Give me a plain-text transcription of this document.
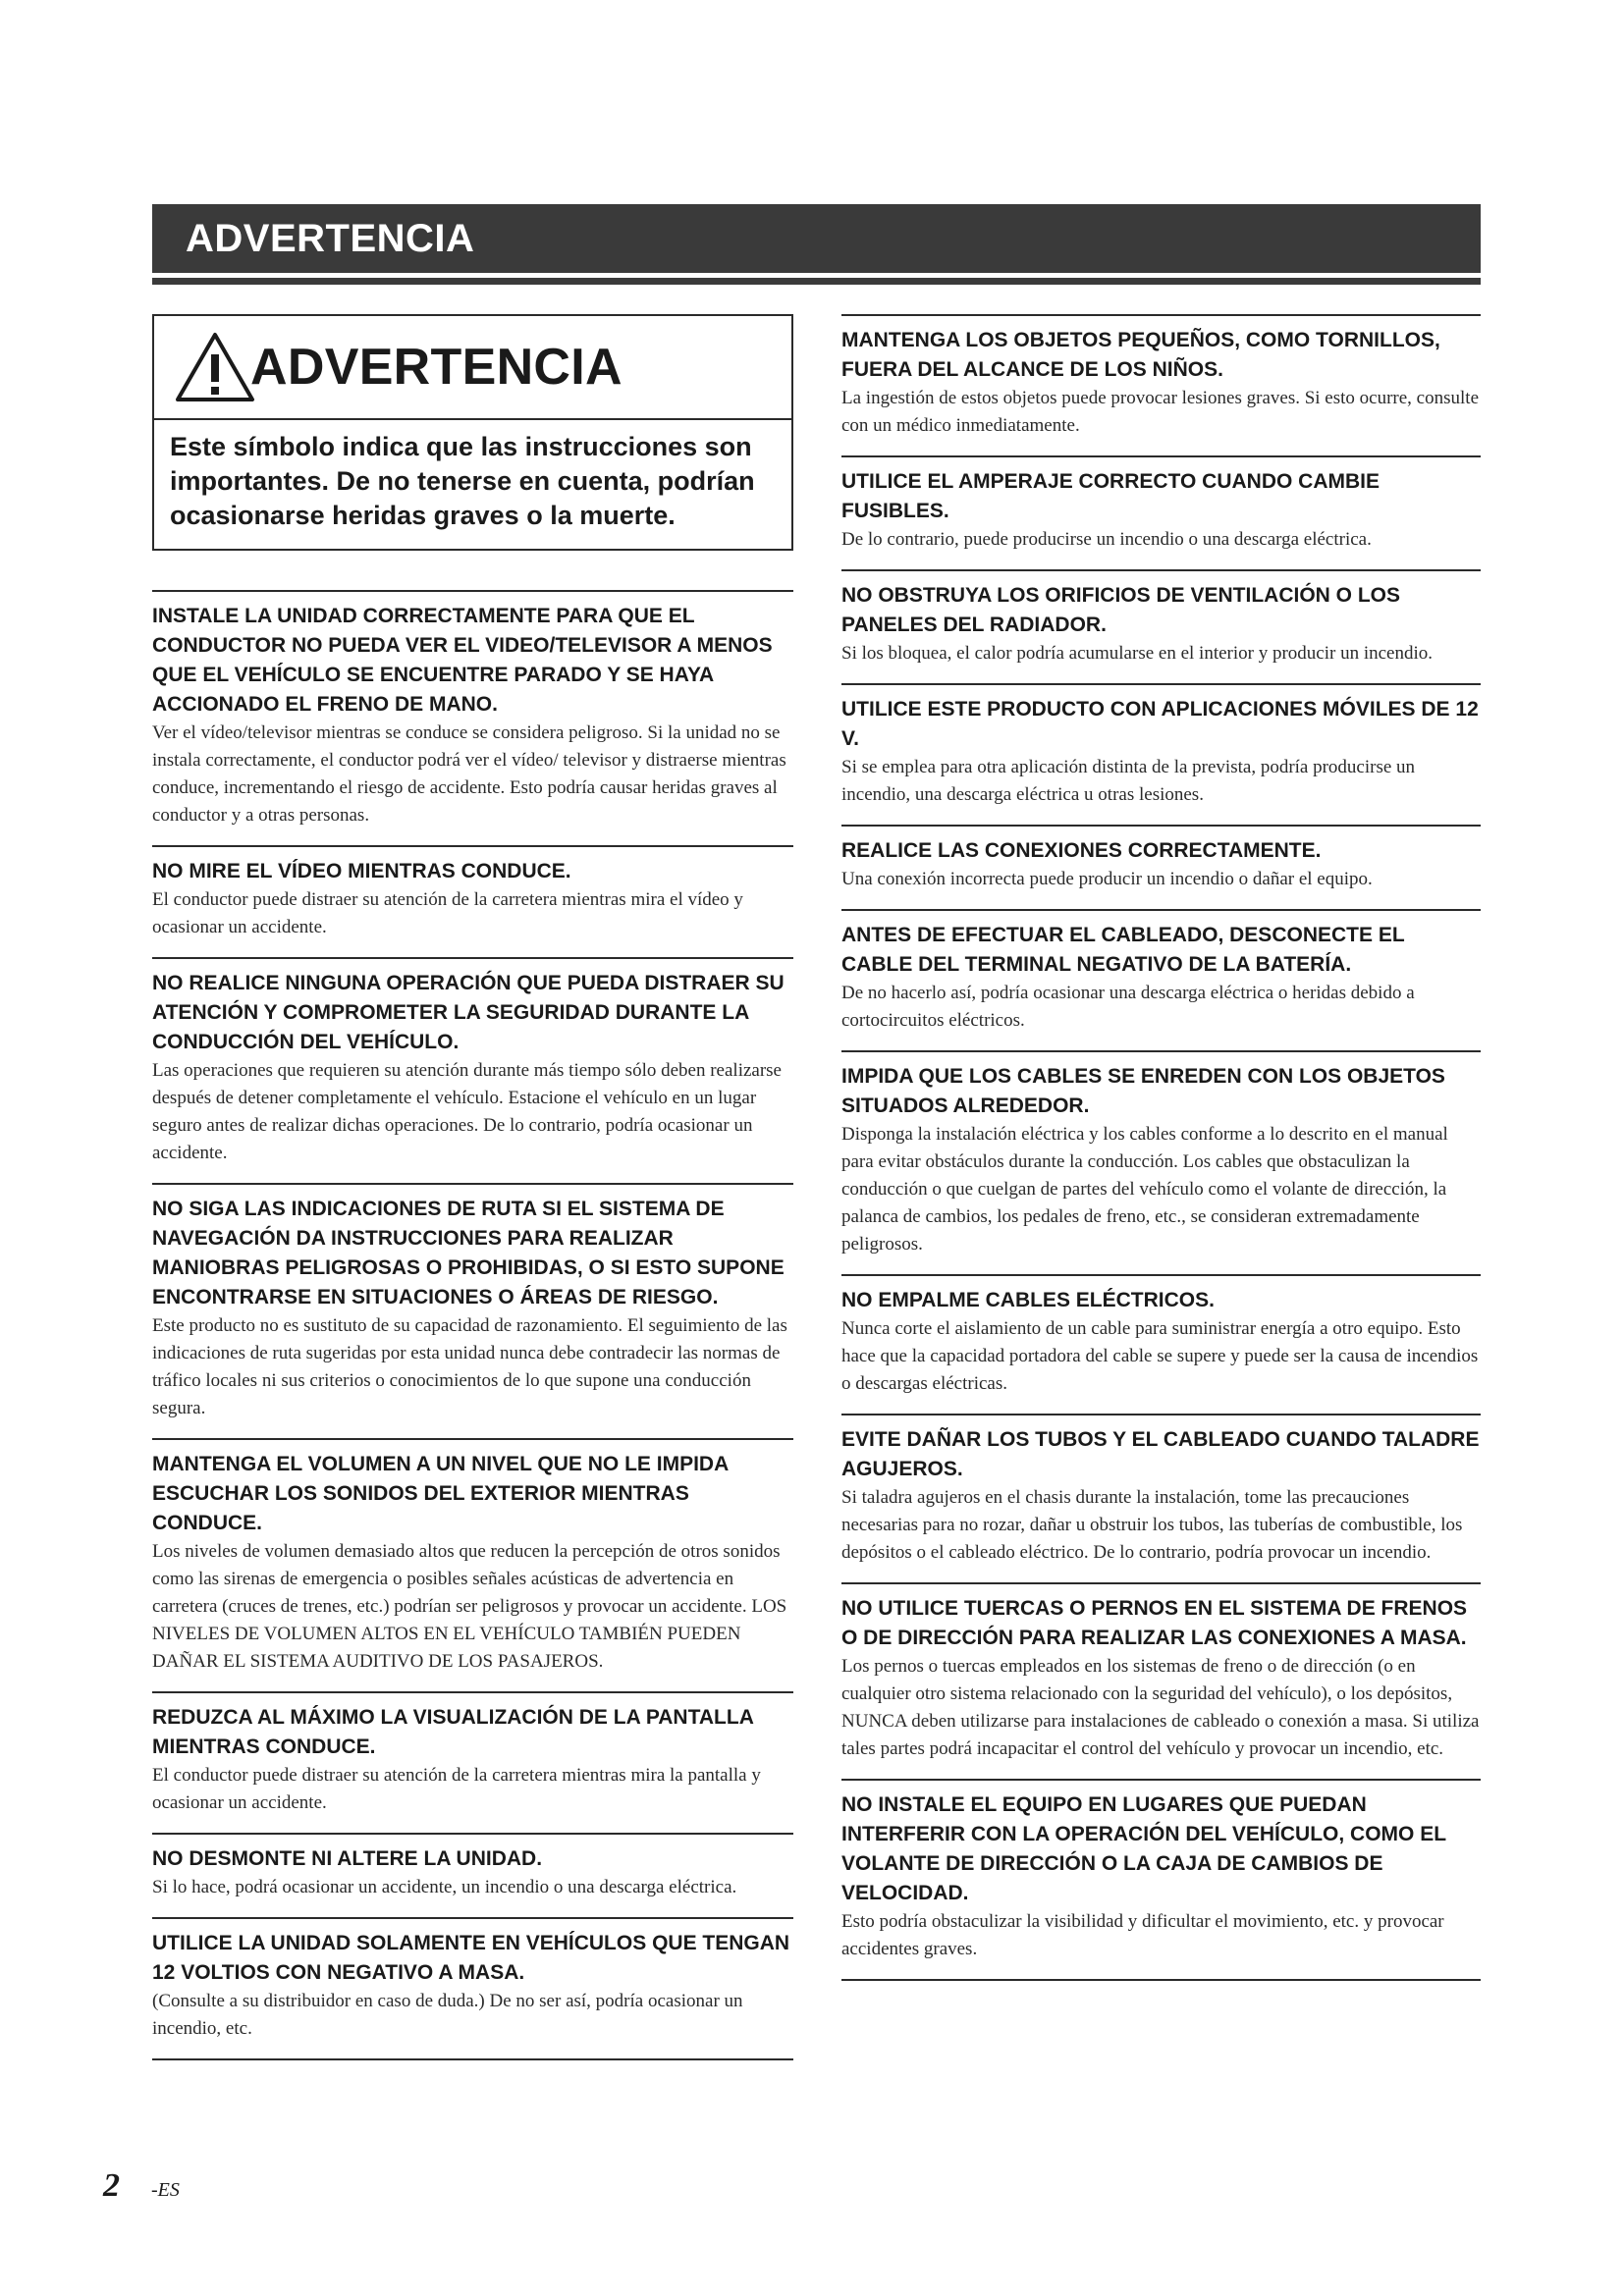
ADVERTENCIA
ADVERTENCIA
Este símbolo indica que las instrucciones son importantes. De no tenerse en cuenta, podrían ocasionarse heridas graves o la muerte.
INSTALE LA UNIDAD CORRECTAMENTE PARA QUE EL CONDUCTOR NO PUEDA VER EL VIDEO/TELEVISOR A MENOS QUE EL VEHÍCULO SE ENCUENTRE PARADO Y SE HAYA ACCIONADO EL FRENO DE MANO.
Ver el vídeo/televisor mientras se conduce se considera peligroso. Si la unidad no se instala correctamente, el conductor podrá ver el vídeo/ televisor y distraerse mientras conduce, incrementando el riesgo de accidente. Esto podría causar heridas graves al conductor y a otras personas.
NO MIRE EL VÍDEO MIENTRAS CONDUCE.
El conductor puede distraer su atención de la carretera mientras mira el vídeo y ocasionar un accidente.
NO REALICE NINGUNA OPERACIÓN QUE PUEDA DISTRAER SU ATENCIÓN Y COMPROMETER LA SEGURIDAD DURANTE LA CONDUCCIÓN DEL VEHÍCULO.
Las operaciones que requieren su atención durante más tiempo sólo deben realizarse después de detener completamente el vehículo. Estacione el vehículo en un lugar seguro antes de realizar dichas operaciones. De lo contrario, podría ocasionar un accidente.
NO SIGA LAS INDICACIONES DE RUTA SI EL SISTEMA DE NAVEGACIÓN DA INSTRUCCIONES PARA REALIZAR MANIOBRAS PELIGROSAS O PROHIBIDAS, O SI ESTO SUPONE ENCONTRARSE EN SITUACIONES O ÁREAS DE RIESGO.
Este producto no es sustituto de su capacidad de razonamiento. El seguimiento de las indicaciones de ruta sugeridas por esta unidad nunca debe contradecir las normas de tráfico locales ni sus criterios o conocimientos de lo que supone una conducción segura.
MANTENGA EL VOLUMEN A UN NIVEL QUE NO LE IMPIDA ESCUCHAR LOS SONIDOS DEL EXTERIOR MIENTRAS CONDUCE.
Los niveles de volumen demasiado altos que reducen la percepción de otros sonidos como las sirenas de emergencia o posibles señales acústicas de advertencia en carretera (cruces de trenes, etc.) podrían ser peligrosos y provocar un accidente. LOS NIVELES DE VOLUMEN ALTOS EN EL VEHÍCULO TAMBIÉN PUEDEN DAÑAR EL SISTEMA AUDITIVO DE LOS PASAJEROS.
REDUZCA AL MÁXIMO LA VISUALIZACIÓN DE LA PANTALLA MIENTRAS CONDUCE.
El conductor puede distraer su atención de la carretera mientras mira la pantalla y ocasionar un accidente.
NO DESMONTE NI ALTERE LA UNIDAD.
Si lo hace, podrá ocasionar un accidente, un incendio o una descarga eléctrica.
UTILICE LA UNIDAD SOLAMENTE EN VEHÍCULOS QUE TENGAN 12 VOLTIOS CON NEGATIVO A MASA.
(Consulte a su distribuidor en caso de duda.) De no ser así, podría ocasionar un incendio, etc.
MANTENGA LOS OBJETOS PEQUEÑOS, COMO TORNILLOS, FUERA DEL ALCANCE DE LOS NIÑOS.
La ingestión de estos objetos puede provocar lesiones graves. Si esto ocurre, consulte con un médico inmediatamente.
UTILICE EL AMPERAJE CORRECTO CUANDO CAMBIE FUSIBLES.
De lo contrario, puede producirse un incendio o una descarga eléctrica.
NO OBSTRUYA LOS ORIFICIOS DE VENTILACIÓN O LOS PANELES DEL RADIADOR.
Si los bloquea, el calor podría acumularse en el interior y producir un incendio.
UTILICE ESTE PRODUCTO CON APLICACIONES MÓVILES DE 12 V.
Si se emplea para otra aplicación distinta de la prevista, podría producirse un incendio, una descarga eléctrica u otras lesiones.
REALICE LAS CONEXIONES CORRECTAMENTE.
Una conexión incorrecta puede producir un incendio o dañar el equipo.
ANTES DE EFECTUAR EL CABLEADO, DESCONECTE EL CABLE DEL TERMINAL NEGATIVO DE LA BATERÍA.
De no hacerlo así, podría ocasionar una descarga eléctrica o heridas debido a cortocircuitos eléctricos.
IMPIDA QUE LOS CABLES SE ENREDEN CON LOS OBJETOS SITUADOS ALREDEDOR.
Disponga la instalación eléctrica y los cables conforme a lo descrito en el manual para evitar obstáculos durante la conducción. Los cables que obstaculizan la conducción o que cuelgan de partes del vehículo como el volante de dirección, la palanca de cambios, los pedales de freno, etc., se consideran extremadamente peligrosos.
NO EMPALME CABLES ELÉCTRICOS.
Nunca corte el aislamiento de un cable para suministrar energía a otro equipo. Esto hace que la capacidad portadora del cable se supere y puede ser la causa de incendios o descargas eléctricas.
EVITE DAÑAR LOS TUBOS Y EL CABLEADO CUANDO TALADRE AGUJEROS.
Si taladra agujeros en el chasis durante la instalación, tome las precauciones necesarias para no rozar, dañar u obstruir los tubos, las tuberías de combustible, los depósitos o el cableado eléctrico. De lo contrario, podría provocar un incendio.
NO UTILICE TUERCAS O PERNOS EN EL SISTEMA DE FRENOS O DE DIRECCIÓN PARA REALIZAR LAS CONEXIONES A MASA.
Los pernos o tuercas empleados en los sistemas de freno o de dirección (o en cualquier otro sistema relacionado con la seguridad del vehículo), o los depósitos, NUNCA deben utilizarse para instalaciones de cableado o conexión a masa. Si utiliza tales partes podrá incapacitar el control del vehículo y provocar un incendio, etc.
NO INSTALE EL EQUIPO EN LUGARES QUE PUEDAN INTERFERIR CON LA OPERACIÓN DEL VEHÍCULO, COMO EL VOLANTE DE DIRECCIÓN O LA CAJA DE CAMBIOS DE VELOCIDAD.
Esto podría obstaculizar la visibilidad y dificultar el movimiento, etc. y provocar accidentes graves.
2 -ES
